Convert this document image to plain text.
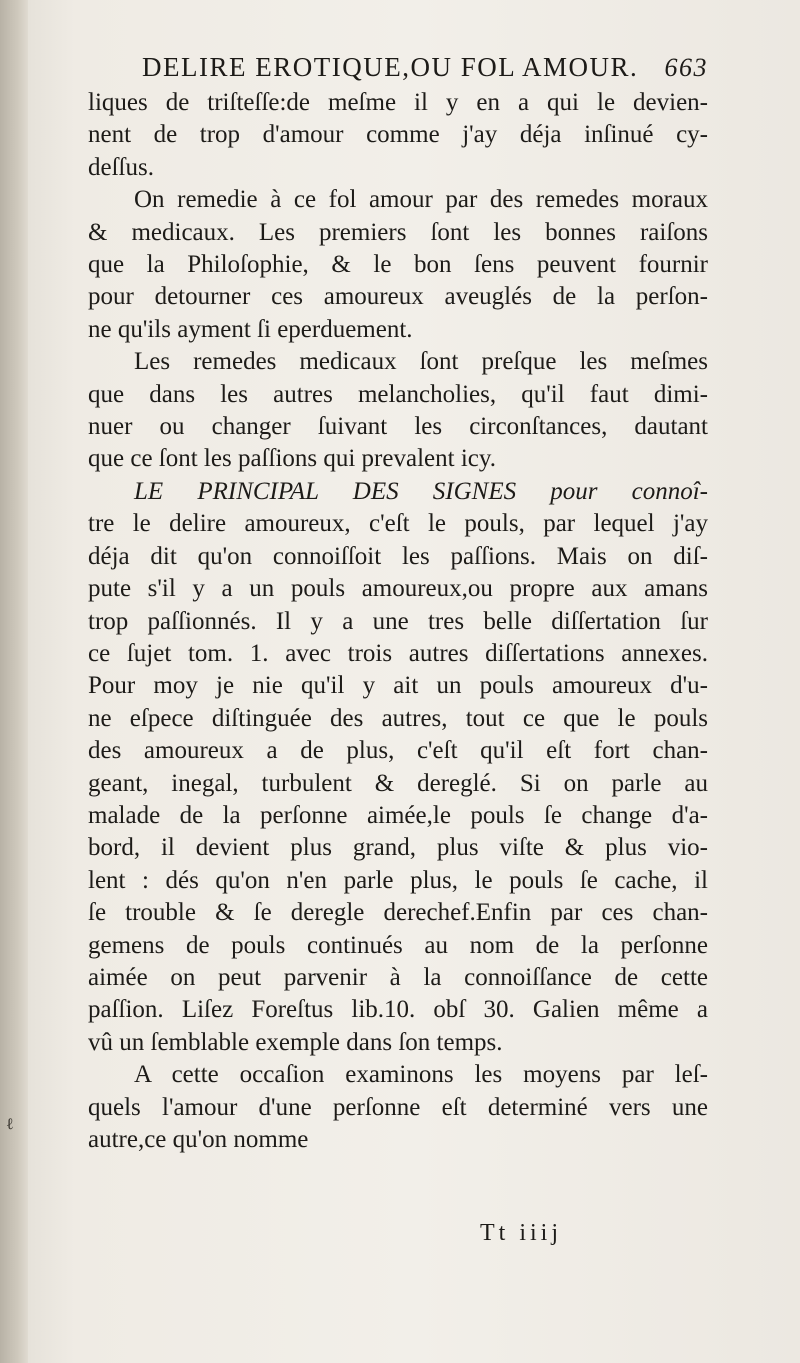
DELIRE EROTIQUE,OU FOL AMOUR. 663

liques de triſteſſe:de meſme il y en a qui le devien-
nent de trop d'amour comme j'ay déja inſinué cy-
deſſus.

On remedie à ce fol amour par des remedes moraux
& medicaux. Les premiers ſont les bonnes raiſons
que la Philoſophie, & le bon ſens peuvent fournir
pour detourner ces amoureux aveuglés de la perſon-
ne qu'ils ayment ſi eperduement.

Les remedes medicaux ſont preſque les meſmes
que dans les autres melancholies, qu'il faut dimi-
nuer ou changer ſuivant les circonſtances, dautant
que ce ſont les paſſions qui prevalent icy.

LE PRINCIPAL DES SIGNES pour connoî-
tre le delire amoureux, c'eſt le pouls, par lequel j'ay
déja dit qu'on connoiſſoit les paſſions. Mais on diſ-
pute s'il y a un pouls amoureux,ou propre aux amans
trop paſſionnés. Il y a une tres belle diſſertation ſur
ce ſujet tom. 1. avec trois autres diſſertations annexes.
Pour moy je nie qu'il y ait un pouls amoureux d'u-
ne eſpece diſtinguée des autres, tout ce que le pouls
des amoureux a de plus, c'eſt qu'il eſt fort chan-
geant, inegal, turbulent & dereglé. Si on parle au
malade de la perſonne aimée,le pouls ſe change d'a-
bord, il devient plus grand, plus viſte & plus vio-
lent : dés qu'on n'en parle plus, le pouls ſe cache, il
ſe trouble & ſe deregle derechef.Enfin par ces chan-
gemens de pouls continués au nom de la perſonne
aimée on peut parvenir à la connoiſſance de cette
paſſion. Liſez Foreſtus lib.10. obſ 30. Galien même a
vû un ſemblable exemple dans ſon temps.

A cette occaſion examinons les moyens par leſ-
quels l'amour d'une perſonne eſt determiné vers une
autre,ce qu'on nomme

Tt iiij
ℓ
